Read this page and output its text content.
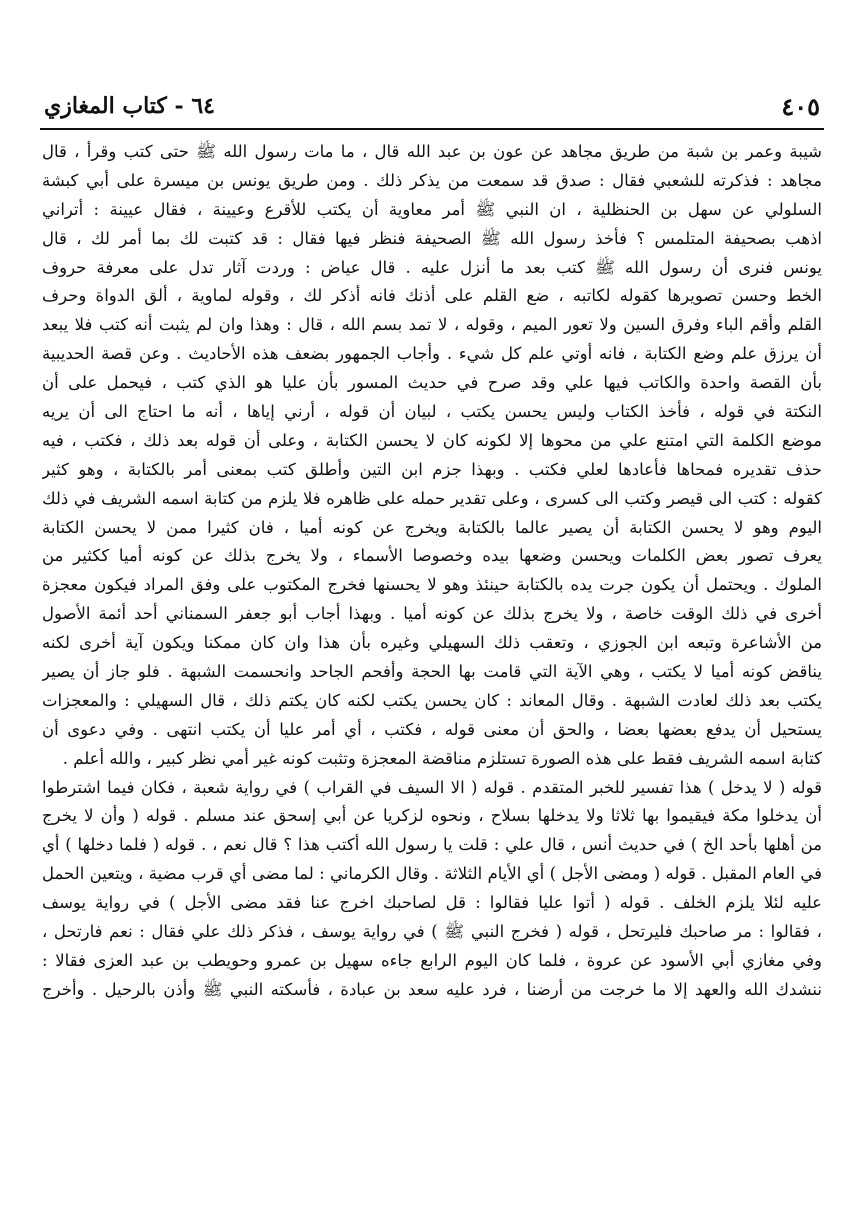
٤٠٥
٦٤ - كتاب المغازي
شيبة وعمر بن شبة من طريق مجاهد عن عون بن عبد الله قال ، ما مات رسول الله ﷺ حتى كتب وقرأ ، قال
مجاهد : فذكرته للشعبي فقال : صدق قد سمعت من يذكر ذلك . ومن طريق يونس بن ميسرة على أبي كبشة
السلولي عن سهل بن الحنظلية ، ان النبي ﷺ أمر معاوية أن يكتب للأقرع وعيينة ، فقال عيينة : أتراني
اذهب بصحيفة المتلمس ؟ فأخذ رسول الله ﷺ الصحيفة فنظر فيها فقال : قد كتبت لك بما أمر لك ، قال
يونس فنرى أن رسول الله ﷺ كتب بعد ما أنزل عليه . قال عياض : وردت آثار تدل على معرفة حروف
الخط وحسن تصويرها كقوله لكاتبه ، ضع القلم على أذنك فانه أذكر لك ، وقوله لماوية ، ألق الدواة وحرف
القلم وأقم الباء وفرق السين ولا تعور الميم ، وقوله ، لا تمد بسم الله ، قال : وهذا وان لم يثبت أنه كتب فلا يبعد
أن يرزق علم وضع الكتابة ، فانه أوتي علم كل شيء . وأجاب الجمهور بضعف هذه الأحاديث . وعن قصة الحديبية
بأن القصة واحدة والكاتب فيها علي وقد صرح في حديث المسور بأن عليا هو الذي كتب ، فيحمل على أن
النكتة في قوله ، فأخذ الكتاب وليس يحسن يكتب ، لبيان أن قوله ، أرني إياها ، أنه ما احتاج الى أن يريه
موضع الكلمة التي امتنع علي من محوها إلا لكونه كان لا يحسن الكتابة ، وعلى أن قوله بعد ذلك ، فكتب ، فيه
حذف تقديره فمحاها فأعادها لعلي فكتب . وبهذا جزم ابن التين وأطلق كتب بمعنى أمر بالكتابة ، وهو كثير
كقوله : كتب الى قيصر وكتب الى كسرى ، وعلى تقدير حمله على ظاهره فلا يلزم من كتابة اسمه الشريف في ذلك
اليوم وهو لا يحسن الكتابة أن يصير عالما بالكتابة ويخرج عن كونه أميا ، فان كثيرا ممن لا يحسن الكتابة
يعرف تصور بعض الكلمات ويحسن وضعها بيده وخصوصا الأسماء ، ولا يخرج بذلك عن كونه أميا ككثير من
الملوك . ويحتمل أن يكون جرت يده بالكتابة حينئذ وهو لا يحسنها فخرج المكتوب على وفق المراد فيكون معجزة
أخرى في ذلك الوقت خاصة ، ولا يخرج بذلك عن كونه أميا . وبهذا أجاب أبو جعفر السمناني أحد أئمة الأصول
من الأشاعرة وتبعه ابن الجوزي ، وتعقب ذلك السهيلي وغيره بأن هذا وان كان ممكنا ويكون آية أخرى لكنه
يناقض كونه أميا لا يكتب ، وهي الآية التي قامت بها الحجة وأفحم الجاحد وانحسمت الشبهة . فلو جاز أن يصير
يكتب بعد ذلك لعادت الشبهة . وقال المعاند : كان يحسن يكتب لكنه كان يكتم ذلك ، قال السهيلي : والمعجزات
يستحيل أن يدفع بعضها بعضا ، والحق أن معنى قوله ، فكتب ، أي أمر عليا أن يكتب انتهى . وفي دعوى أن
كتابة اسمه الشريف فقط على هذه الصورة تستلزم مناقضة المعجزة وتثبت كونه غير أمي نظر كبير ، والله أعلم .
قوله ( لا يدخل ) هذا تفسير للخبر المتقدم . قوله ( الا السيف في القراب ) في رواية شعبة ، فكان فيما اشترطوا
أن يدخلوا مكة فيقيموا بها ثلاثا ولا يدخلها بسلاح ، ونحوه لزكريا عن أبي إسحق عند مسلم . قوله ( وأن لا يخرج
من أهلها بأحد الخ ) في حديث أنس ، قال علي : قلت يا رسول الله أكتب هذا ؟ قال نعم ، . قوله ( فلما دخلها ) أي
في العام المقبل . قوله ( ومضى الأجل ) أي الأيام الثلاثة . وقال الكرماني : لما مضى أي قرب مضية ، ويتعين الحمل
عليه لئلا يلزم الخلف . قوله ( أتوا عليا فقالوا : قل لصاحبك اخرج عنا فقد مضى الأجل ) في رواية يوسف
، فقالوا : مر صاحبك فليرتحل ، قوله ( فخرج النبي ﷺ ) في رواية يوسف ، فذكر ذلك علي فقال : نعم فارتحل ،
وفي مغازي أبي الأسود عن عروة ، فلما كان اليوم الرابع جاءه سهيل بن عمرو وحويطب بن عبد العزى فقالا :
ننشدك الله والعهد إلا ما خرجت من أرضنا ، فرد عليه سعد بن عبادة ، فأسكته النبي ﷺ وأذن بالرحيل . وأخرج
